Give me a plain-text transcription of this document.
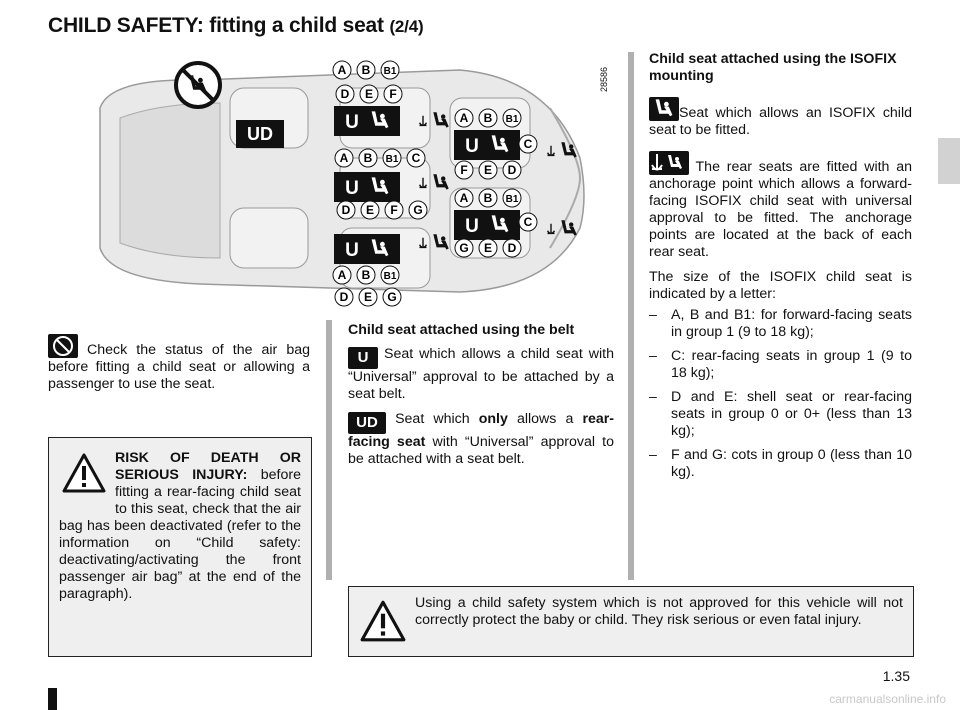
CHILD SAFETY: fitting a child seat (2/4)
28586
UD
U
U
U
U
U
A B B1
D E F
A B B1 C
D E F G
A B B1
D E G
A B B1
C
F E D
A B B1
C
G E D
Check the status of the air bag before fitting a child seat or allowing a passenger to use the seat.
RISK OF DEATH OR SERIOUS INJURY: before fitting a rear-facing child seat to this seat, check that the air bag has been deactivated (refer to the information on “Child safety: deactivating/activating the front passenger air bag” at the end of the paragraph).

Child seat attached using the belt

U Seat which allows a child seat with “Universal” approval to be attached by a seat belt.

UD Seat which only allows a rear-facing seat with “Universal” approval to be attached with a seat belt.

Child seat attached using the ISOFIX mounting

Seat which allows an ISOFIX child seat to be fitted.

The rear seats are fitted with an anchorage point which allows a forward-facing ISOFIX child seat with universal approval to be fitted. The anchorage points are located at the back of each rear seat.

The size of the ISOFIX child seat is indicated by a letter:

– A, B and B1: for forward-facing seats in group 1 (9 to 18 kg);
– C: rear-facing seats in group 1 (9 to 18 kg);
– D and E: shell seat or rear-facing seats in group 0 or 0+ (less than 13 kg);
– F and G: cots in group 0 (less than 10 kg).
Using a child safety system which is not approved for this vehicle will not correctly protect the baby or child. They risk serious or even fatal injury.
1.35
carmanualsonline.info
